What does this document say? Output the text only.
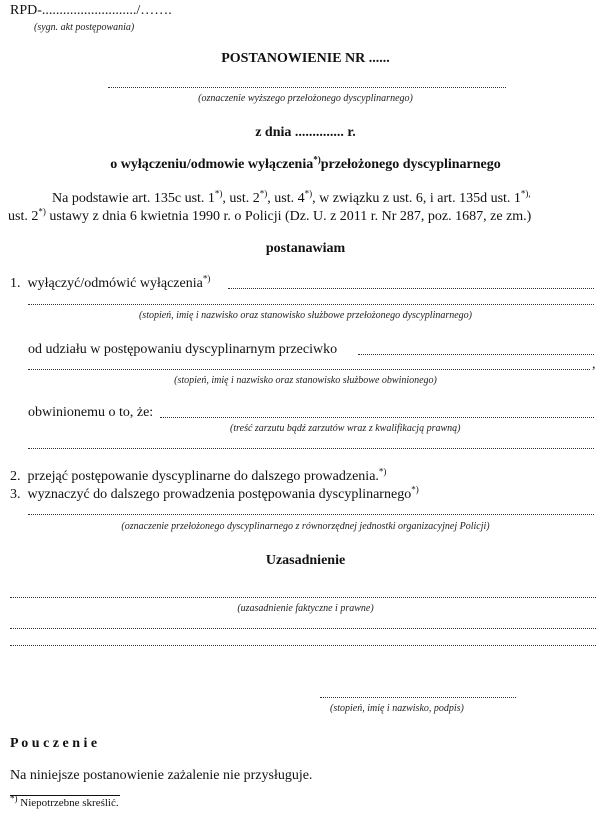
RPD-.........................../…….
(sygn. akt postępowania)
POSTANOWIENIE NR ......
(oznaczenie wyższego przełożonego dyscyplinarnego)
z dnia .............. r.
o wyłączeniu/odmowie wyłączenia*)przełożonego dyscyplinarnego
Na podstawie art. 135c ust. 1*), ust. 2*), ust. 4*), w związku z ust. 6, i art. 135d ust. 1*),
ust. 2*) ustawy z dnia 6 kwietnia 1990 r. o Policji (Dz. U. z 2011 r. Nr 287, poz. 1687, ze zm.)
postanawiam
1. wyłączyć/odmówić wyłączenia*)
(stopień, imię i nazwisko oraz stanowisko służbowe przełożonego dyscyplinarnego)
od udziału w postępowaniu dyscyplinarnym przeciwko
,
(stopień, imię i nazwisko oraz stanowisko służbowe obwinionego)
obwinionemu o to, że:
(treść zarzutu bądź zarzutów wraz z kwalifikacją prawną)
2. przejąć postępowanie dyscyplinarne do dalszego prowadzenia.*)
3. wyznaczyć do dalszego prowadzenia postępowania dyscyplinarnego*)
(oznaczenie przełożonego dyscyplinarnego z równorzędnej jednostki organizacyjnej Policji)
Uzasadnienie
(uzasadnienie faktyczne i prawne)
(stopień, imię i nazwisko, podpis)
P o u c z e n i e
Na niniejsze postanowienie zażalenie nie przysługuje.
*) Niepotrzebne skreślić.
